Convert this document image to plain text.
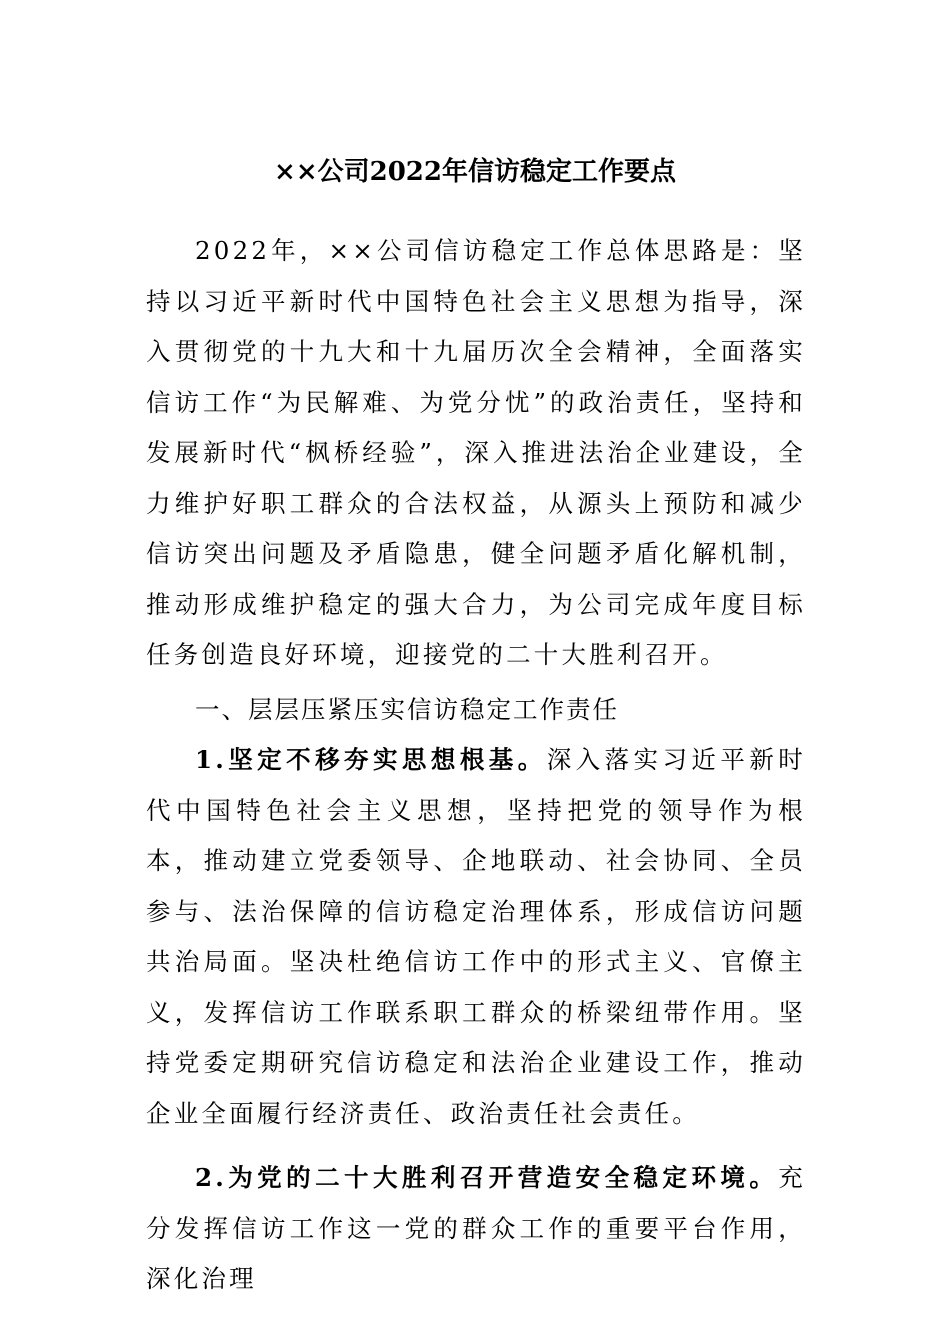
××公司2022年信访稳定工作要点

2022年，××公司信访稳定工作总体思路是：坚持以习近平新时代中国特色社会主义思想为指导，深入贯彻党的十九大和十九届历次全会精神，全面落实信访工作“为民解难、为党分忧”的政治责任，坚持和发展新时代“枫桥经验”，深入推进法治企业建设，全力维护好职工群众的合法权益，从源头上预防和减少信访突出问题及矛盾隐患，健全问题矛盾化解机制，推动形成维护稳定的强大合力，为公司完成年度目标任务创造良好环境，迎接党的二十大胜利召开。

一、层层压紧压实信访稳定工作责任

1.坚定不移夯实思想根基。深入落实习近平新时代中国特色社会主义思想，坚持把党的领导作为根本，推动建立党委领导、企地联动、社会协同、全员参与、法治保障的信访稳定治理体系，形成信访问题共治局面。坚决杜绝信访工作中的形式主义、官僚主义，发挥信访工作联系职工群众的桥梁纽带作用。坚持党委定期研究信访稳定和法治企业建设工作，推动企业全面履行经济责任、政治责任社会责任。

2.为党的二十大胜利召开营造安全稳定环境。充分发挥信访工作这一党的群众工作的重要平台作用，深化治理
